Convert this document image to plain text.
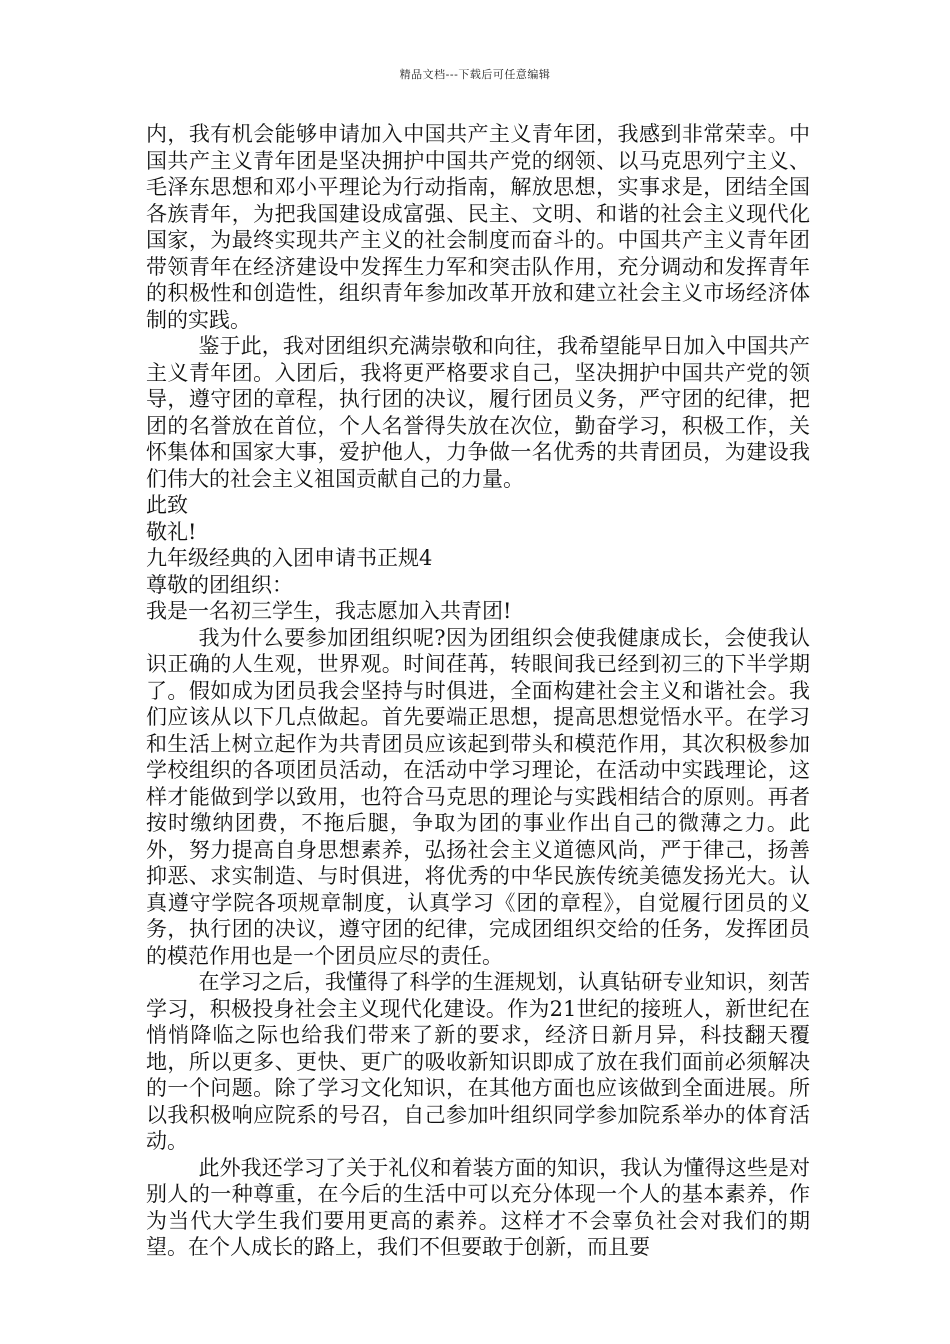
精品文档---下载后可任意编辑

内，我有机会能够申请加入中国共产主义青年团，我感到非常荣幸。中国共产主义青年团是坚决拥护中国共产党的纲领、以马克思列宁主义、毛泽东思想和邓小平理论为行动指南，解放思想，实事求是，团结全国各族青年，为把我国建设成富强、民主、文明、和谐的社会主义现代化国家，为最终实现共产主义的社会制度而奋斗的。中国共产主义青年团带领青年在经济建设中发挥生力军和突击队作用，充分调动和发挥青年的积极性和创造性，组织青年参加改革开放和建立社会主义市场经济体制的实践。

鉴于此，我对团组织充满崇敬和向往，我希望能早日加入中国共产主义青年团。入团后，我将更严格要求自己，坚决拥护中国共产党的领导，遵守团的章程，执行团的决议，履行团员义务，严守团的纪律，把团的名誉放在首位，个人名誉得失放在次位，勤奋学习，积极工作，关怀集体和国家大事，爱护他人，力争做一名优秀的共青团员，为建设我们伟大的社会主义祖国贡献自己的力量。

此致

敬礼!

九年级经典的入团申请书正规4

尊敬的团组织：

我是一名初三学生，我志愿加入共青团!

我为什么要参加团组织呢?因为团组织会使我健康成长，会使我认识正确的人生观，世界观。时间荏苒，转眼间我已经到初三的下半学期了。假如成为团员我会坚持与时俱进，全面构建社会主义和谐社会。我们应该从以下几点做起。首先要端正思想，提高思想觉悟水平。在学习和生活上树立起作为共青团员应该起到带头和模范作用，其次积极参加学校组织的各项团员活动，在活动中学习理论，在活动中实践理论，这样才能做到学以致用，也符合马克思的理论与实践相结合的原则。再者按时缴纳团费，不拖后腿，争取为团的事业作出自己的微薄之力。此外，努力提高自身思想素养，弘扬社会主义道德风尚，严于律己，扬善抑恶、求实制造、与时俱进，将优秀的中华民族传统美德发扬光大。认真遵守学院各项规章制度，认真学习《团的章程》，自觉履行团员的义务，执行团的决议，遵守团的纪律，完成团组织交给的任务，发挥团员的模范作用也是一个团员应尽的责任。

在学习之后，我懂得了科学的生涯规划，认真钻研专业知识，刻苦学习，积极投身社会主义现代化建设。作为21世纪的接班人，新世纪在悄悄降临之际也给我们带来了新的要求，经济日新月异，科技翻天覆地，所以更多、更快、更广的吸收新知识即成了放在我们面前必须解决的一个问题。除了学习文化知识，在其他方面也应该做到全面进展。所以我积极响应院系的号召，自己参加叶组织同学参加院系举办的体育活动。

此外我还学习了关于礼仪和着装方面的知识，我认为懂得这些是对别人的一种尊重，在今后的生活中可以充分体现一个人的基本素养，作为当代大学生我们要用更高的素养。这样才不会辜负社会对我们的期望。在个人成长的路上，我们不但要敢于创新，而且要
